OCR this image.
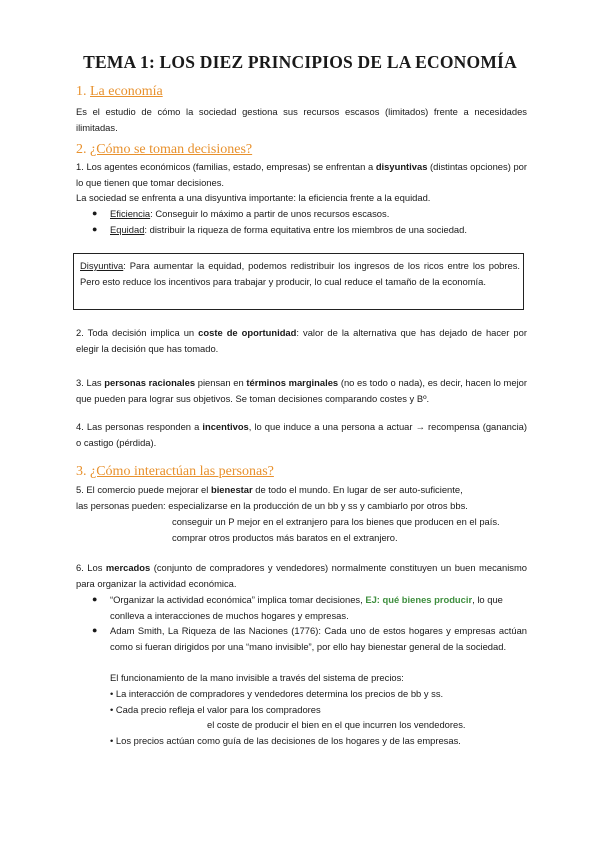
TEMA 1: LOS DIEZ PRINCIPIOS DE LA ECONOMÍA
1. La economía
Es el estudio de cómo la sociedad gestiona sus recursos escasos (limitados) frente a necesidades ilimitadas.
2. ¿Cómo se toman decisiones?
1. Los agentes económicos (familias, estado, empresas) se enfrentan a disyuntivas (distintas opciones) por lo que tienen que tomar decisiones.
La sociedad se enfrenta a una disyuntiva importante: la eficiencia frente a la equidad.
● Eficiencia: Conseguir lo máximo a partir de unos recursos escasos.
● Equidad: distribuir la riqueza de forma equitativa entre los miembros de una sociedad.
Disyuntiva: Para aumentar la equidad, podemos redistribuir los ingresos de los ricos entre los pobres. Pero esto reduce los incentivos para trabajar y producir, lo cual reduce el tamaño de la economía.
2. Toda decisión implica un coste de oportunidad: valor de la alternativa que has dejado de hacer por elegir la decisión que has tomado.
3. Las personas racionales piensan en términos marginales (no es todo o nada), es decir, hacen lo mejor que pueden para lograr sus objetivos. Se toman decisiones comparando costes y Bº.
4. Las personas responden a incentivos, lo que induce a una persona a actuar → recompensa (ganancia) o castigo (pérdida).
3. ¿Cómo interactúan las personas?
5. El comercio puede mejorar el bienestar de todo el mundo. En lugar de ser auto-suficiente,
las personas pueden: especializarse en la producción de un bb y ss y cambiarlo por otros bbs.
conseguir un P mejor en el extranjero para los bienes que producen en el país.
comprar otros productos más baratos en el extranjero.
6. Los mercados (conjunto de compradores y vendedores) normalmente constituyen un buen mecanismo para organizar la actividad económica.
● “Organizar la actividad económica” implica tomar decisiones, EJ: qué bienes producir, lo que conlleva a interacciones de muchos hogares y empresas.
● Adam Smith, La Riqueza de las Naciones (1776): Cada uno de estos hogares y empresas actúan como si fueran dirigidos por una “mano invisible”, por ello hay bienestar general de la sociedad.
El funcionamiento de la mano invisible a través del sistema de precios:
• La interacción de compradores y vendedores determina los precios de bb y ss.
• Cada precio refleja el valor para los compradores
el coste de producir el bien en el que incurren los vendedores.
• Los precios actúan como guía de las decisiones de los hogares y de las empresas.
